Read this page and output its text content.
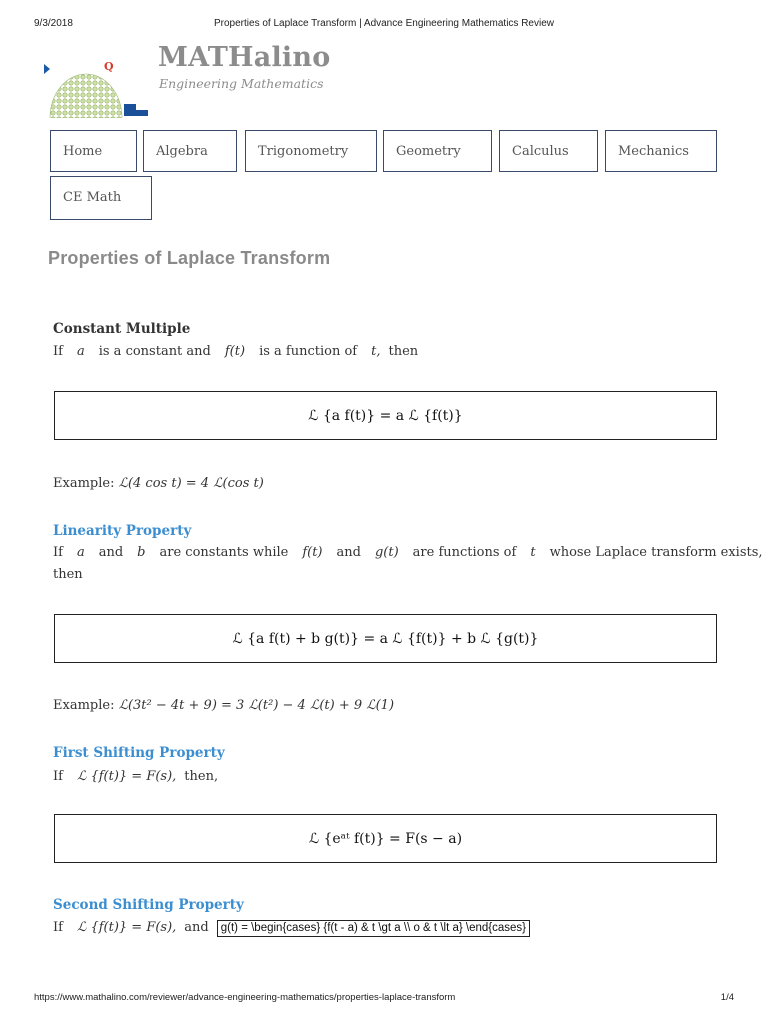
9/3/2018	Properties of Laplace Transform | Advance Engineering Mathematics Review
Q MATHalino
Engineering Mathematics
Home	Algebra	Trigonometry	Geometry	Calculus	Mechanics
CE Math
Properties of Laplace Transform
Constant Multiple
If a is a constant and f(t) is a function of t, then
ℒ {a f(t)} = a ℒ {f(t)}
Example: ℒ(4 cos t) = 4 ℒ(cos t)
Linearity Property
If a and b are constants while f(t) and g(t) are functions of t whose Laplace transform exists,
then
ℒ {a f(t) + b g(t)} = a ℒ {f(t)} + b ℒ {g(t)}
Example: ℒ(3t² − 4t + 9) = 3 ℒ(t²) − 4 ℒ(t) + 9 ℒ(1)
First Shifting Property
If ℒ {f(t)} = F(s), then,
ℒ {eᵃᵗ f(t)} = F(s − a)
Second Shifting Property
If ℒ {f(t)} = F(s), and g(t) = \begin{cases} {f(t - a) & t \gt a \\ o & t \lt a} \end{cases}
https://www.mathalino.com/reviewer/advance-engineering-mathematics/properties-laplace-transform	1/4
